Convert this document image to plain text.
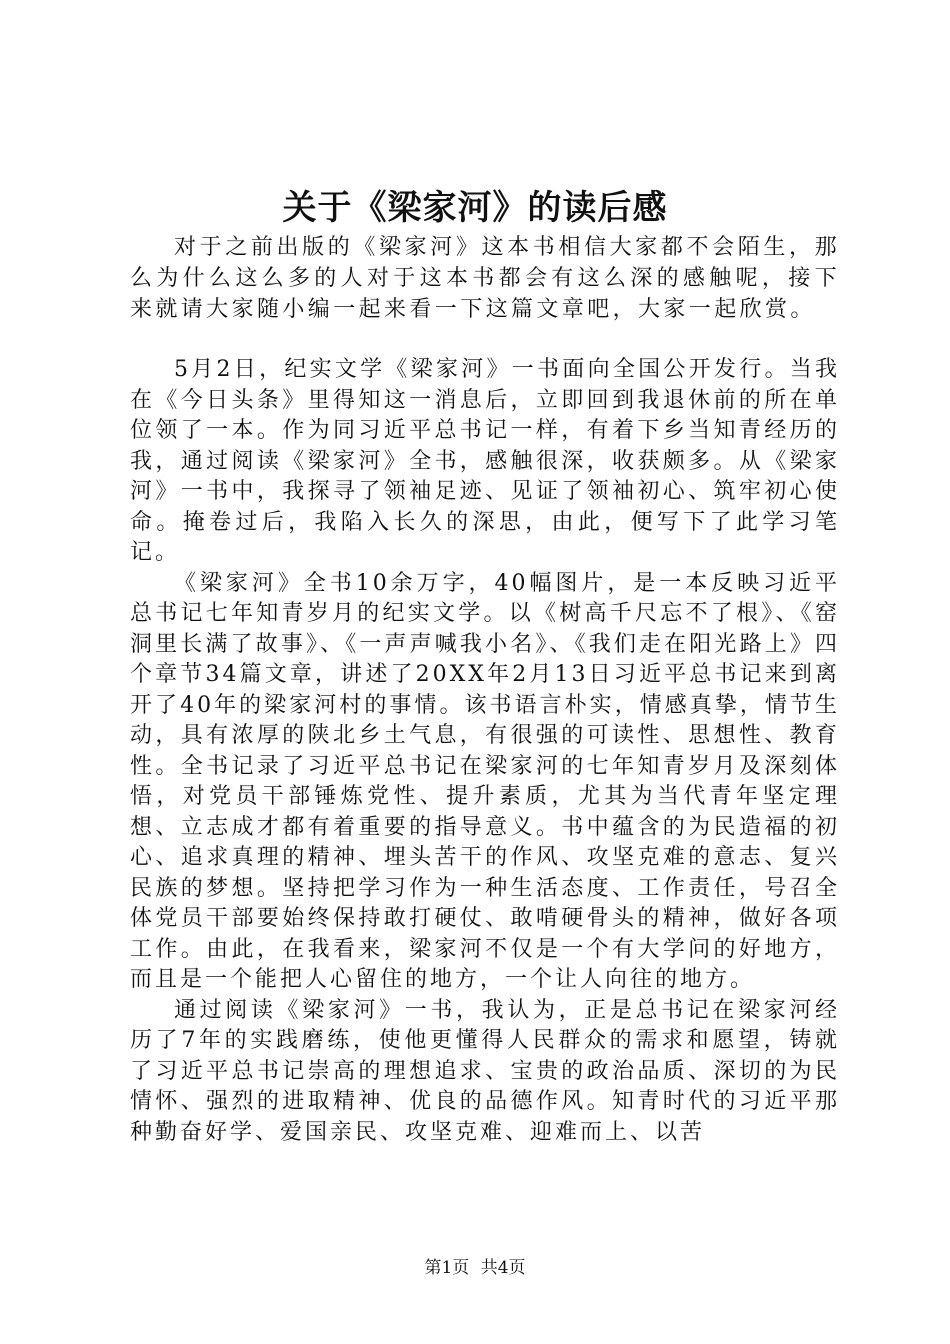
关于《梁家河》的读后感
对于之前出版的《梁家河》这本书相信大家都不会陌生，那么为什么这么多的人对于这本书都会有这么深的感触呢，接下来就请大家随小编一起来看一下这篇文章吧，大家一起欣赏。

5月2日，纪实文学《梁家河》一书面向全国公开发行。当我在《今日头条》里得知这一消息后，立即回到我退休前的所在单位领了一本。作为同习近平总书记一样，有着下乡当知青经历的我，通过阅读《梁家河》全书，感触很深，收获颇多。从《梁家河》一书中，我探寻了领袖足迹、见证了领袖初心、筑牢初心使命。掩卷过后，我陷入长久的深思，由此，便写下了此学习笔记。

《梁家河》全书10余万字，40幅图片，是一本反映习近平总书记七年知青岁月的纪实文学。以《树高千尺忘不了根》、《窑洞里长满了故事》、《一声声喊我小名》、《我们走在阳光路上》四个章节34篇文章，讲述了20XX年2月13日习近平总书记来到离开了40年的梁家河村的事情。该书语言朴实，情感真挚，情节生动，具有浓厚的陕北乡土气息，有很强的可读性、思想性、教育性。全书记录了习近平总书记在梁家河的七年知青岁月及深刻体悟，对党员干部锤炼党性、提升素质，尤其为当代青年坚定理想、立志成才都有着重要的指导意义。书中蕴含的为民造福的初心、追求真理的精神、埋头苦干的作风、攻坚克难的意志、复兴民族的梦想。坚持把学习作为一种生活态度、工作责任，号召全体党员干部要始终保持敢打硬仗、敢啃硬骨头的精神，做好各项工作。由此，在我看来，梁家河不仅是一个有大学问的好地方，而且是一个能把人心留住的地方，一个让人向往的地方。

通过阅读《梁家河》一书，我认为，正是总书记在梁家河经历了7年的实践磨练，使他更懂得人民群众的需求和愿望，铸就了习近平总书记崇高的理想追求、宝贵的政治品质、深切的为民情怀、强烈的进取精神、优良的品德作风。知青时代的习近平那种勤奋好学、爱国亲民、攻坚克难、迎难而上、以苦

第1页 共4页
